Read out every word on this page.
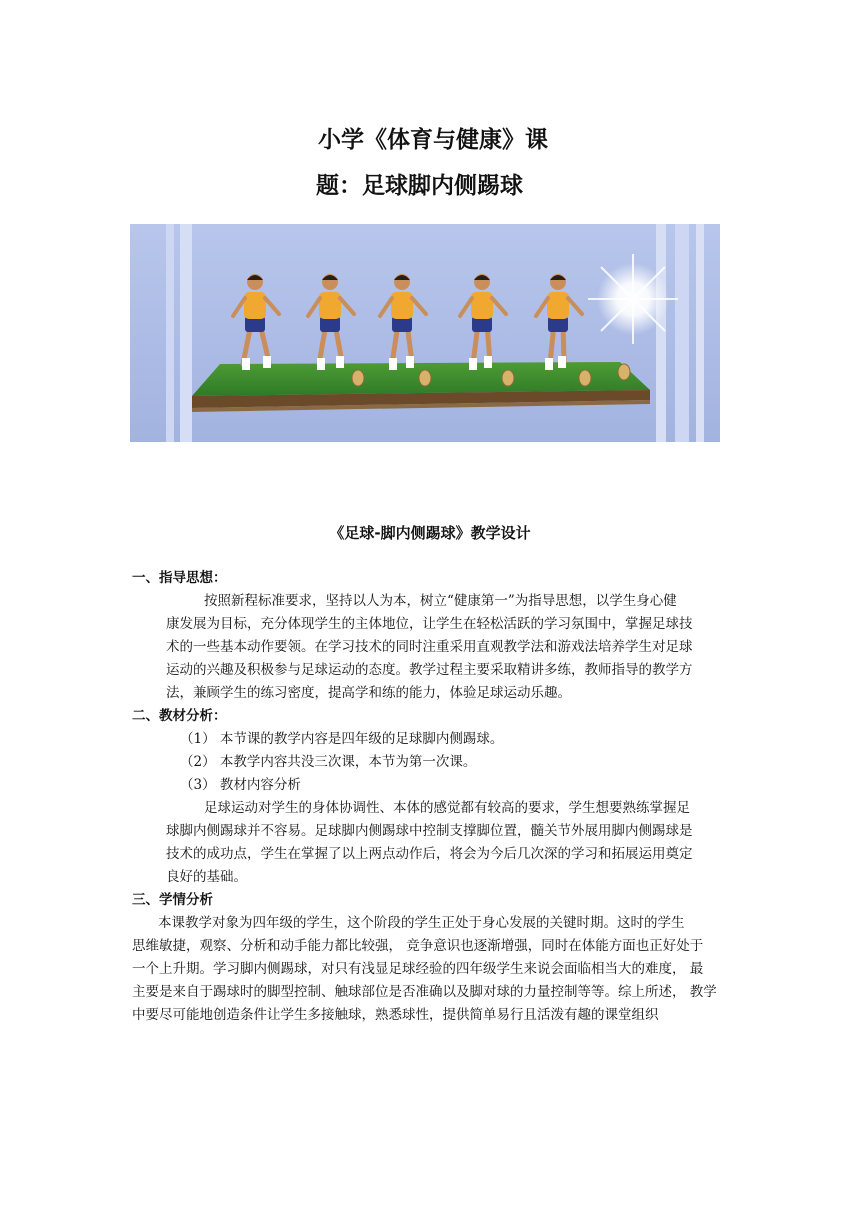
小学《体育与健康》课
题：足球脚内侧踢球
《足球-脚内侧踢球》教学设计
一、指导思想：
按照新程标准要求，坚持以人为本，树立“健康第一”为指导思想，以学生身心健
康发展为目标，充分体现学生的主体地位，让学生在轻松活跃的学习氛围中，掌握足球技
术的一些基本动作要领。在学习技术的同时注重采用直观教学法和游戏法培养学生对足球
运动的兴趣及积极参与足球运动的态度。教学过程主要采取精讲多练，教师指导的教学方
法，兼顾学生的练习密度，提高学和练的能力，体验足球运动乐趣。
二、教材分析：
（1） 本节课的教学内容是四年级的足球脚内侧踢球。
（2） 本教学内容共没三次课，本节为第一次课。
（3） 教材内容分析
足球运动对学生的身体协调性、本体的感觉都有较高的要求，学生想要熟练掌握足
球脚内侧踢球并不容易。足球脚内侧踢球中控制支撑脚位置，髓关节外展用脚内侧踢球是
技术的成功点，学生在掌握了以上两点动作后，将会为今后几次深的学习和拓展运用奠定
良好的基础。
三、学情分析
本课教学对象为四年级的学生，这个阶段的学生正处于身心发展的关键时期。这时的学生
思维敏捷，观察、分析和动手能力都比较强， 竞争意识也逐渐增强，同时在体能方面也正好处于
一个上升期。学习脚内侧踢球，对只有浅显足球经验的四年级学生来说会面临相当大的难度， 最
主要是来自于踢球时的脚型控制、触球部位是否准确以及脚对球的力量控制等等。综上所述， 教学
中要尽可能地创造条件让学生多接触球，熟悉球性，提供简单易行且活泼有趣的课堂组织
